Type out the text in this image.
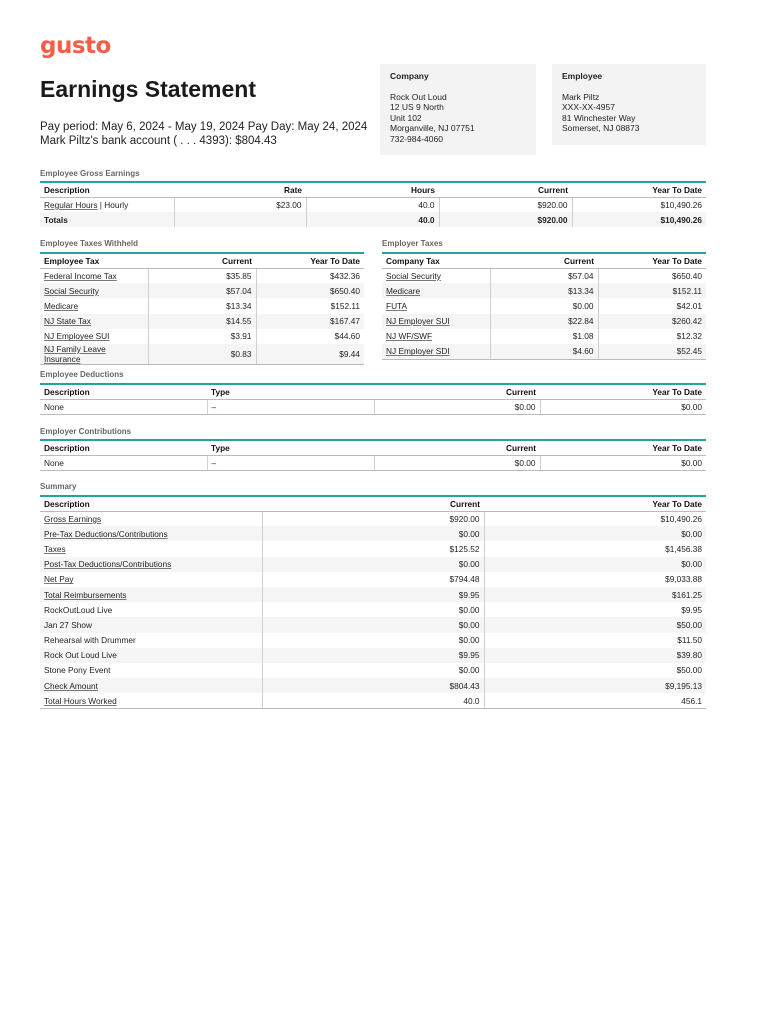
gusto
Earnings Statement
Pay period: May 6, 2024 - May 19, 2024 Pay Day: May 24, 2024
Mark Piltz's bank account ( . . . 4393): $804.43
Company
Rock Out Loud
12 US 9 North
Unit 102
Morganville, NJ 07751
732-984-4060
Employee
Mark Piltz
XXX-XX-4957
81 Winchester Way
Somerset, NJ 08873
Employee Gross Earnings
Description	Rate	Hours	Current	Year To Date
Regular Hours | Hourly	$23.00	40.0	$920.00	$10,490.26
Totals		40.0	$920.00	$10,490.26
Employee Taxes Withheld
Employee Tax	Current	Year To Date
Federal Income Tax	$35.85	$432.36
Social Security	$57.04	$650.40
Medicare	$13.34	$152.11
NJ State Tax	$14.55	$167.47
NJ Employee SUI	$3.91	$44.60
NJ Family Leave Insurance	$0.83	$9.44
Employer Taxes
Company Tax	Current	Year To Date
Social Security	$57.04	$650.40
Medicare	$13.34	$152.11
FUTA	$0.00	$42.01
NJ Employer SUI	$22.84	$260.42
NJ WF/SWF	$1.08	$12.32
NJ Employer SDI	$4.60	$52.45
Employee Deductions
Description	Type	Current	Year To Date
None	–	$0.00	$0.00
Employer Contributions
Description	Type	Current	Year To Date
None	–	$0.00	$0.00
Summary
Description	Current	Year To Date
Gross Earnings	$920.00	$10,490.26
Pre-Tax Deductions/Contributions	$0.00	$0.00
Taxes	$125.52	$1,456.38
Post-Tax Deductions/Contributions	$0.00	$0.00
Net Pay	$794.48	$9,033.88
Total Reimbursements	$9.95	$161.25
RockOutLoud Live	$0.00	$9.95
Jan 27 Show	$0.00	$50.00
Rehearsal with Drummer	$0.00	$11.50
Rock Out Loud Live	$9.95	$39.80
Stone Pony Event	$0.00	$50.00
Check Amount	$804.43	$9,195.13
Total Hours Worked	40.0	456.1
